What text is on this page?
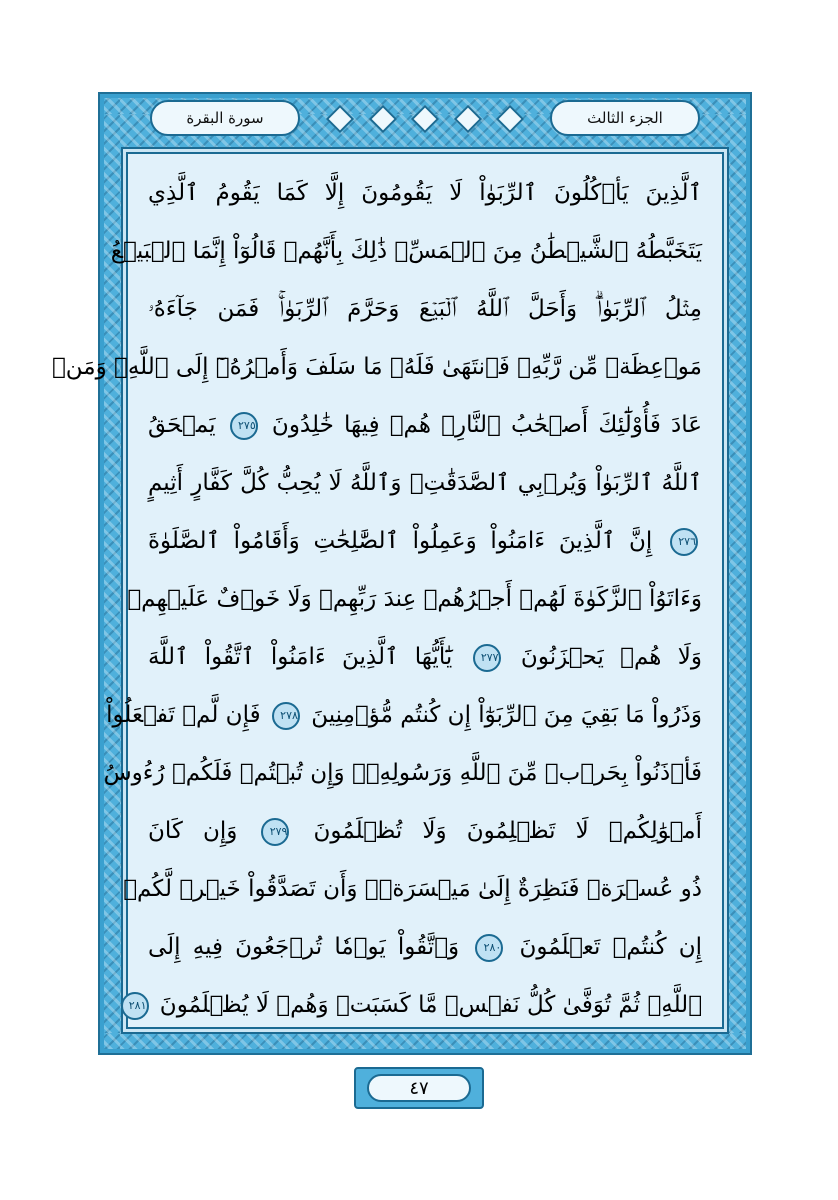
سورة البقرة	الجزء الثالث
ٱلَّذِينَ يَأۡكُلُونَ ٱلرِّبَوٰاْ لَا يَقُومُونَ إِلَّا كَمَا يَقُومُ ٱلَّذِي
يَتَخَبَّطُهُ ٱلشَّيۡطَٰنُ مِنَ ٱلۡمَسِّۚ ذَٰلِكَ بِأَنَّهُمۡ قَالُوٓاْ إِنَّمَا ٱلۡبَيۡعُ
مِثۡلُ ٱلرِّبَوٰاْۗ وَأَحَلَّ ٱللَّهُ ٱلۡبَيۡعَ وَحَرَّمَ ٱلرِّبَوٰاْۚ فَمَن جَآءَهُۥ
مَوۡعِظَةٞ مِّن رَّبِّهِۦ فَٱنتَهَىٰ فَلَهُۥ مَا سَلَفَ وَأَمۡرُهُۥٓ إِلَى ٱللَّهِۖ وَمَنۡ
عَادَ فَأُوْلَٰٓئِكَ أَصۡحَٰبُ ٱلنَّارِۖ هُمۡ فِيهَا خَٰلِدُونَ ٢٧٥ يَمۡحَقُ
ٱللَّهُ ٱلرِّبَوٰاْ وَيُرۡبِي ٱلصَّدَقَٰتِۗ وَٱللَّهُ لَا يُحِبُّ كُلَّ كَفَّارٍ أَثِيمٍ
٢٧٦ إِنَّ ٱلَّذِينَ ءَامَنُواْ وَعَمِلُواْ ٱلصَّٰلِحَٰتِ وَأَقَامُواْ ٱلصَّلَوٰةَ
وَءَاتَوُاْ ٱلزَّكَوٰةَ لَهُمۡ أَجۡرُهُمۡ عِندَ رَبِّهِمۡ وَلَا خَوۡفٌ عَلَيۡهِمۡ
وَلَا هُمۡ يَحۡزَنُونَ ٢٧٧ يَٰٓأَيُّهَا ٱلَّذِينَ ءَامَنُواْ ٱتَّقُواْ ٱللَّهَ
وَذَرُواْ مَا بَقِيَ مِنَ ٱلرِّبَوٰٓاْ إِن كُنتُم مُّؤۡمِنِينَ ٢٧٨ فَإِن لَّمۡ تَفۡعَلُواْ
فَأۡذَنُواْ بِحَرۡبٖ مِّنَ ٱللَّهِ وَرَسُولِهِۦۖ وَإِن تُبۡتُمۡ فَلَكُمۡ رُءُوسُ
أَمۡوَٰلِكُمۡ لَا تَظۡلِمُونَ وَلَا تُظۡلَمُونَ ٢٧٩ وَإِن كَانَ
ذُو عُسۡرَةٖ فَنَظِرَةٌ إِلَىٰ مَيۡسَرَةٖۚ وَأَن تَصَدَّقُواْ خَيۡرٞ لَّكُمۡ
إِن كُنتُمۡ تَعۡلَمُونَ ٢٨٠ وَٱتَّقُواْ يَوۡمٗا تُرۡجَعُونَ فِيهِ إِلَى
ٱللَّهِۖ ثُمَّ تُوَفَّىٰ كُلُّ نَفۡسٖ مَّا كَسَبَتۡ وَهُمۡ لَا يُظۡلَمُونَ ٢٨١
٤٧
